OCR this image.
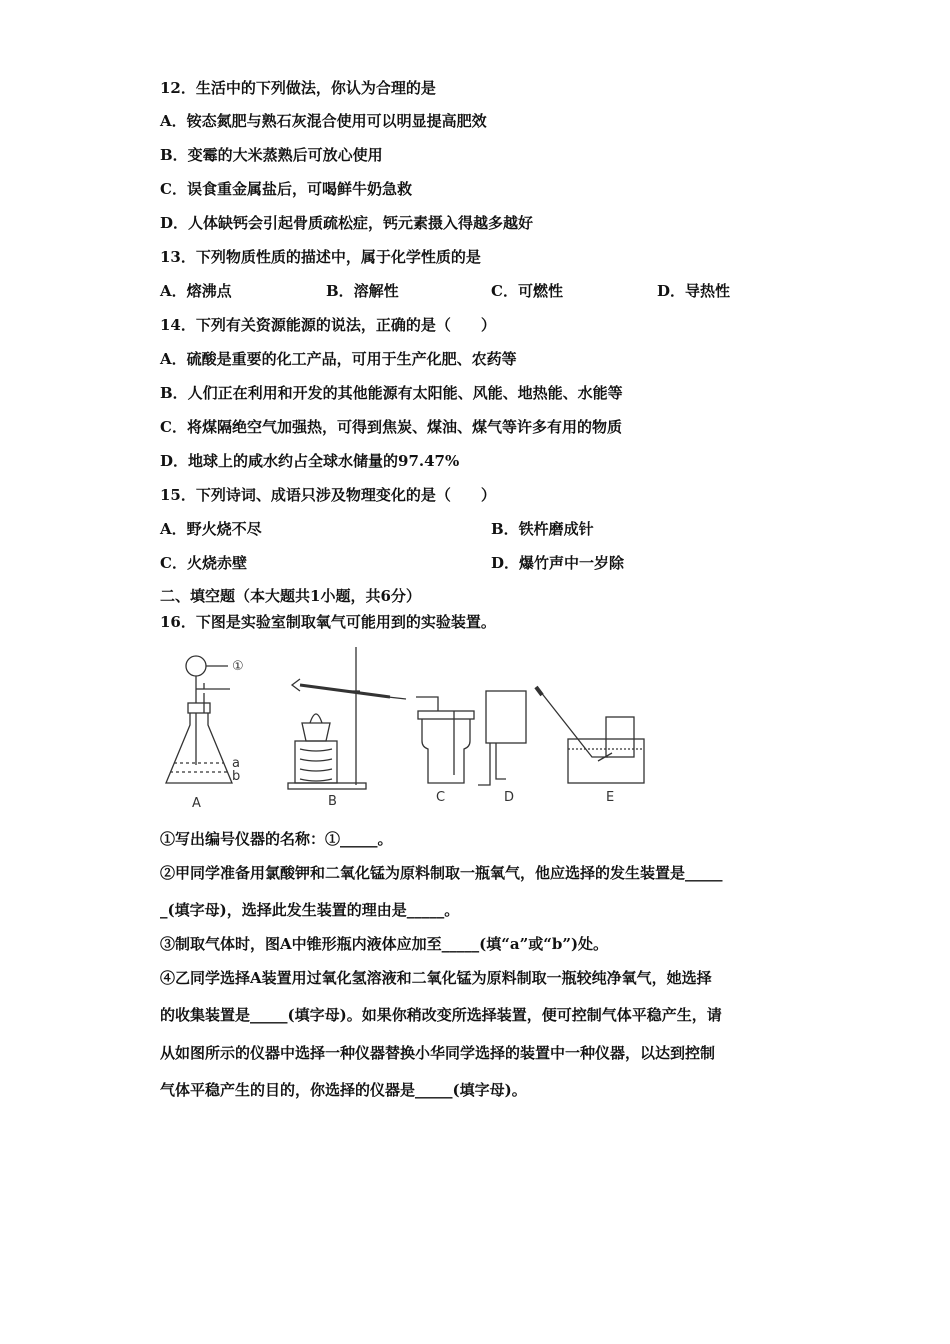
12．生活中的下列做法，你认为合理的是
A．铵态氮肥与熟石灰混合使用可以明显提高肥效
B．变霉的大米蒸熟后可放心使用
C．误食重金属盐后，可喝鲜牛奶急救
D．人体缺钙会引起骨质疏松症，钙元素摄入得越多越好
13．下列物质性质的描述中，属于化学性质的是
A．熔沸点	B．溶解性	C．可燃性	D．导热性
14．下列有关资源能源的说法，正确的是（　　）
A．硫酸是重要的化工产品，可用于生产化肥、农药等
B．人们正在利用和开发的其他能源有太阳能、风能、地热能、水能等
C．将煤隔绝空气加强热，可得到焦炭、煤油、煤气等许多有用的物质
D．地球上的咸水约占全球水储量的97.47%
15．下列诗词、成语只涉及物理变化的是（　　）
A．野火烧不尽	B．铁杵磨成针
C．火烧赤壁	D．爆竹声中一岁除
二、填空题（本大题共1小题，共6分）
16．下图是实验室制取氧气可能用到的实验装置。
①
a
b
A	B	C	D	E
①写出编号仪器的名称：①_____。
②甲同学准备用氯酸钾和二氧化锰为原料制取一瓶氧气，他应选择的发生装置是_____
_(填字母)，选择此发生装置的理由是_____。
③制取气体时，图A中锥形瓶内液体应加至_____(填“a”或“b”)处。
④乙同学选择A装置用过氧化氢溶液和二氧化锰为原料制取一瓶较纯净氧气，她选择
的收集装置是_____(填字母)。如果你稍改变所选择装置，便可控制气体平稳产生，请
从如图所示的仪器中选择一种仪器替换小华同学选择的装置中一种仪器，以达到控制
气体平稳产生的目的，你选择的仪器是_____(填字母)。
